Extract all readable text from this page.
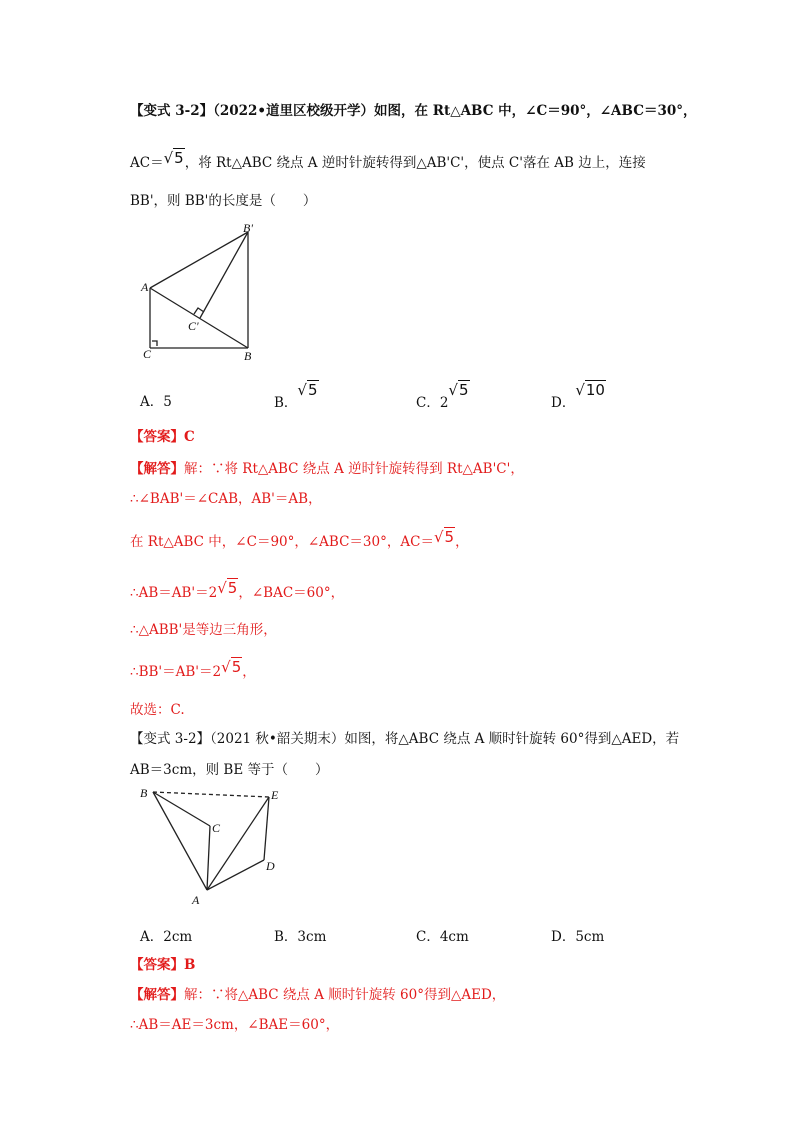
【变式 3-2】（2022•道里区校级开学）如图，在 Rt△ABC 中，∠C＝90°，∠ABC＝30°，
AC＝√5，将 Rt△ABC 绕点 A 逆时针旋转得到△AB'C'，使点 C'落在 AB 边上，连接
BB'，则 BB'的长度是（　　）
A
B
C
B'
C'
A．5	B．√5
C．2√5
D．√10
【答案】C
【解答】解：∵将 Rt△ABC 绕点 A 逆时针旋转得到 Rt△AB'C'，
∴∠BAB'＝∠CAB，AB'＝AB，
在 Rt△ABC 中，∠C＝90°，∠ABC＝30°，AC＝√5，
∴AB＝AB'＝2√5，∠BAC＝60°，
∴△ABB'是等边三角形，
∴BB'＝AB'＝2√5，
故选：C.
【变式 3-2】（2021 秋•韶关期末）如图，将△ABC 绕点 A 顺时针旋转 60°得到△AED，若
AB＝3cm，则 BE 等于（　　）
B
C
A
D
E
A．2cm	B．3cm	C．4cm	D．5cm
【答案】B
【解答】解：∵将△ABC 绕点 A 顺时针旋转 60°得到△AED，
∴AB＝AE＝3cm，∠BAE＝60°，
